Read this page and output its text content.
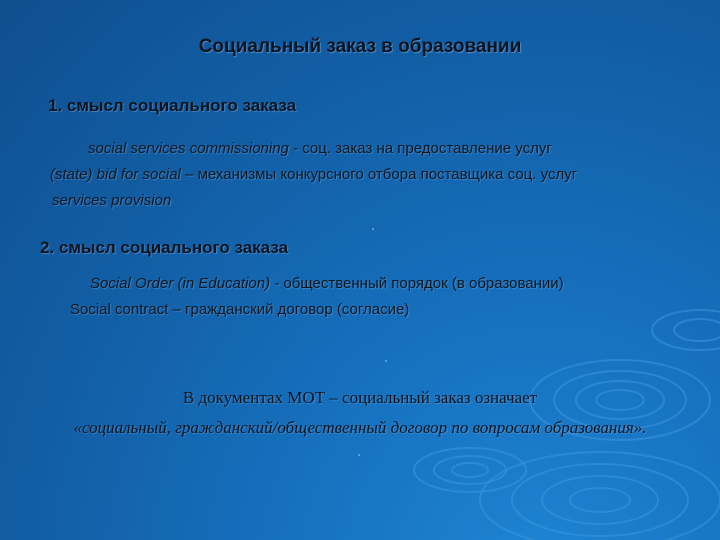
Социальный заказ в образовании
1. смысл социального заказа
social services commissioning - соц. заказ на предоставление услуг
(state) bid for social – механизмы конкурсного отбора поставщика соц. услуг
services provision
2. смысл социального заказа
Social Order (in Education) - общественный порядок (в образовании)
Social contract – гражданский договор (согласие)
В документах МОТ – социальный заказ означает
«социальный, гражданский/общественный договор по вопросам образования».
